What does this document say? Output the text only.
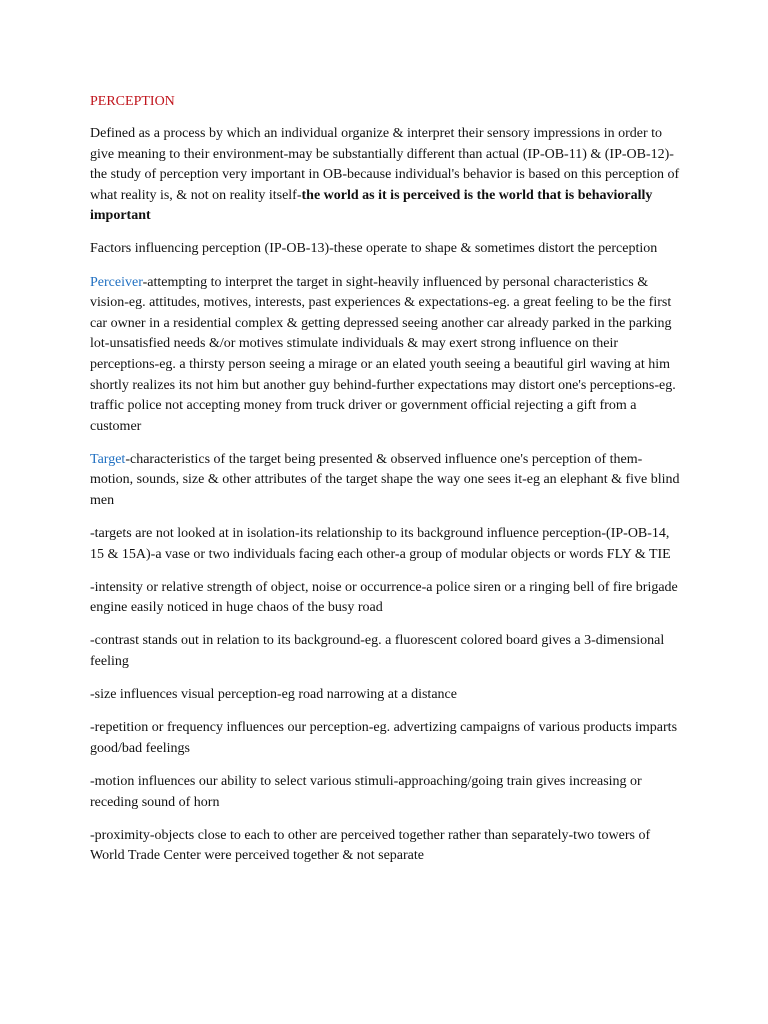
PERCEPTION

Defined as a process by which an individual organize & interpret their sensory impressions in order to give meaning to their environment-may be substantially different than actual (IP-OB-11) & (IP-OB-12)-the study of perception very important in OB-because individual's behavior is based on this perception of what reality is, & not on reality itself-the world as it is perceived is the world that is behaviorally important

Factors influencing perception (IP-OB-13)-these operate to shape & sometimes distort the perception

Perceiver-attempting to interpret the target in sight-heavily influenced by personal characteristics & vision-eg. attitudes, motives, interests, past experiences & expectations-eg. a great feeling to be the first car owner in a residential complex & getting depressed seeing another car already parked in the parking lot-unsatisfied needs &/or motives stimulate individuals & may exert strong influence on their perceptions-eg. a thirsty person seeing a mirage or an elated youth seeing a beautiful girl waving at him shortly realizes its not him but another guy behind-further expectations may distort one's perceptions-eg. traffic police not accepting money from truck driver or government official rejecting a gift from a customer

Target-characteristics of the target being presented & observed influence one's perception of them-motion, sounds, size & other attributes of the target shape the way one sees it-eg an elephant & five blind men

-targets are not looked at in isolation-its relationship to its background influence perception-(IP-OB-14, 15 & 15A)-a vase or two individuals facing each other-a group of modular objects or words FLY & TIE

-intensity or relative strength of object, noise or occurrence-a police siren or a ringing bell of fire brigade engine easily noticed in huge chaos of the busy road

-contrast stands out in relation to its background-eg. a fluorescent colored board gives a 3-dimensional feeling

-size influences visual perception-eg road narrowing at a distance

-repetition or frequency influences our perception-eg. advertizing campaigns of various products imparts good/bad feelings

-motion influences our ability to select various stimuli-approaching/going train gives increasing or receding sound of horn

-proximity-objects close to each to other are perceived together rather than separately-two towers of World Trade Center were perceived together & not separate
